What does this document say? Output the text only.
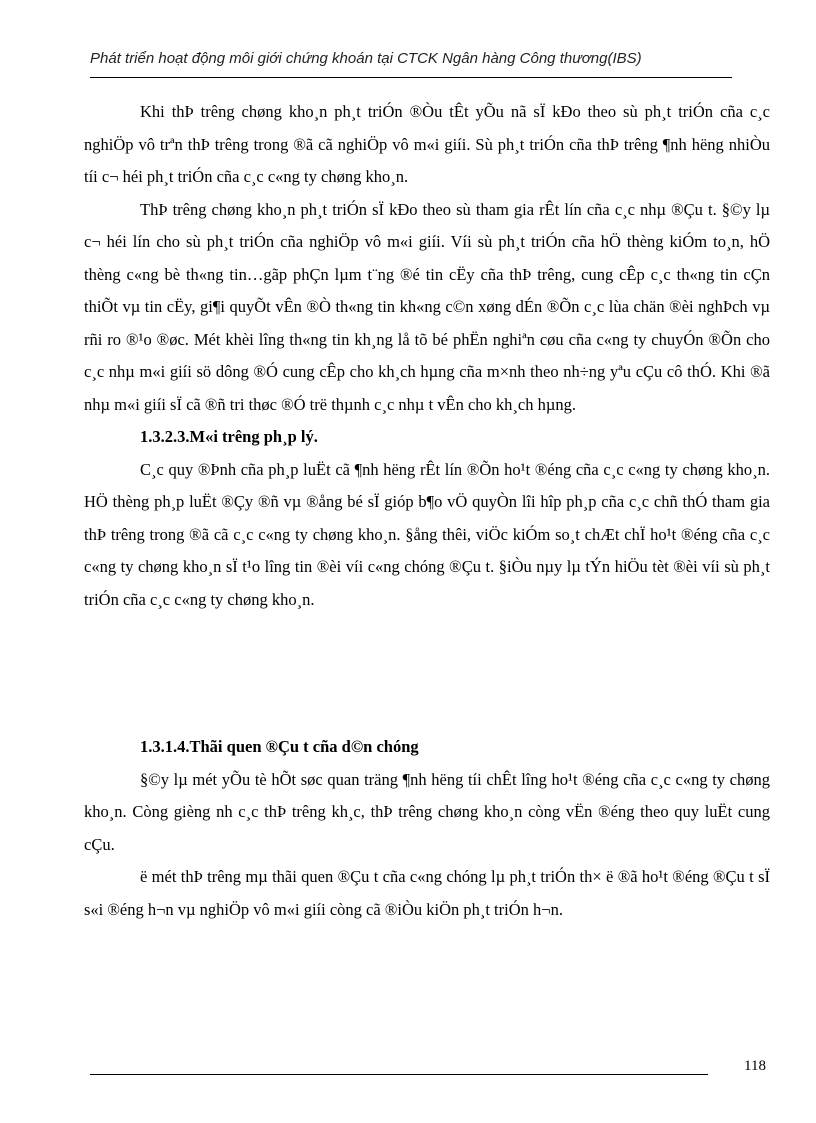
Phát triển hoạt động môi giới chứng khoán tại CTCK Ngân hàng Công thương(IBS)

Khi thÞ trêng chøng kho¸n ph¸t triÓn ®Òu tÊt yÕu nã sÏ kÐo theo sù ph¸t triÓn cña c¸c nghiÖp vô trªn thÞ trêng trong ®ã cã nghiÖp vô m«i giíi. Sù ph¸t triÓn cña thÞ trêng ¶nh hëng nhiÒu tíi c¬ héi ph¸t triÓn cña c¸c c«ng ty chøng kho¸n.

ThÞ trêng chøng kho¸n ph¸t triÓn sÏ kÐo theo sù tham gia rÊt lín cña c¸c nhµ ®Çu t. §©y lµ c¬ héi lín cho sù ph¸t triÓn cña nghiÖp vô m«i giíi. Víi sù ph¸t triÓn cña hÖ thèng kiÓm to¸n, hÖ thèng c«ng bè th«ng tin…gãp phÇn lµm t¨ng ®é tin cËy cña thÞ trêng, cung cÊp c¸c th«ng tin cÇn thiÕt vµ tin cËy, gi¶i quyÕt vÊn ®Ò th«ng tin kh«ng c©n xøng dÉn ®Õn c¸c lùa chän ®èi nghÞch vµ rñi ro ®¹o ®øc. Mét khèi lîng th«ng tin kh¸ng lå tõ bé phËn nghiªn cøu cña c«ng ty chuyÓn ®Õn cho c¸c nhµ m«i giíi sö dông ®Ó cung cÊp cho kh¸ch hµng cña m×nh theo nh÷ng yªu cÇu cô thÓ. Khi ®ã nhµ m«i giíi sÏ cã ®ñ tri thøc ®Ó trë thµnh c¸c nhµ t vÊn cho kh¸ch hµng.

1.3.2.3.M«i trêng ph¸p lý.

C¸c quy ®Þnh cña ph¸p luËt cã ¶nh hëng rÊt lín ®Õn ho¹t ®éng cña c¸c c«ng ty chøng kho¸n. HÖ thèng ph¸p luËt ®Çy ®ñ vµ ®ång bé sÏ gióp b¶o vÖ quyÒn lîi hîp ph¸p cña c¸c chñ thÓ tham gia thÞ trêng trong ®ã cã c¸c c«ng ty chøng kho¸n. §ång thêi, viÖc kiÓm so¸t chÆt chÏ ho¹t ®éng cña c¸c c«ng ty chøng kho¸n sÏ t¹o lîng tin ®èi víi c«ng chóng ®Çu t. §iÒu nµy lµ tÝn hiÖu tèt ®èi víi sù ph¸t triÓn cña c¸c c«ng ty chøng kho¸n.

1.3.1.4.Thãi quen ®Çu t cña d©n chóng

§©y lµ mét yÕu tè hÕt søc quan träng ¶nh hëng tíi chÊt lîng ho¹t ®éng cña c¸c c«ng ty chøng kho¸n. Còng gièng nh c¸c thÞ trêng kh¸c, thÞ trêng chøng kho¸n còng vËn ®éng theo quy luËt cung cÇu.

ë mét thÞ trêng mµ thãi quen ®Çu t cña c«ng chóng lµ ph¸t triÓn th× ë ®ã ho¹t ®éng ®Çu t sÏ s«i ®éng h¬n vµ nghiÖp vô m«i giíi còng cã ®iÒu kiÖn ph¸t triÓn h¬n.

118
